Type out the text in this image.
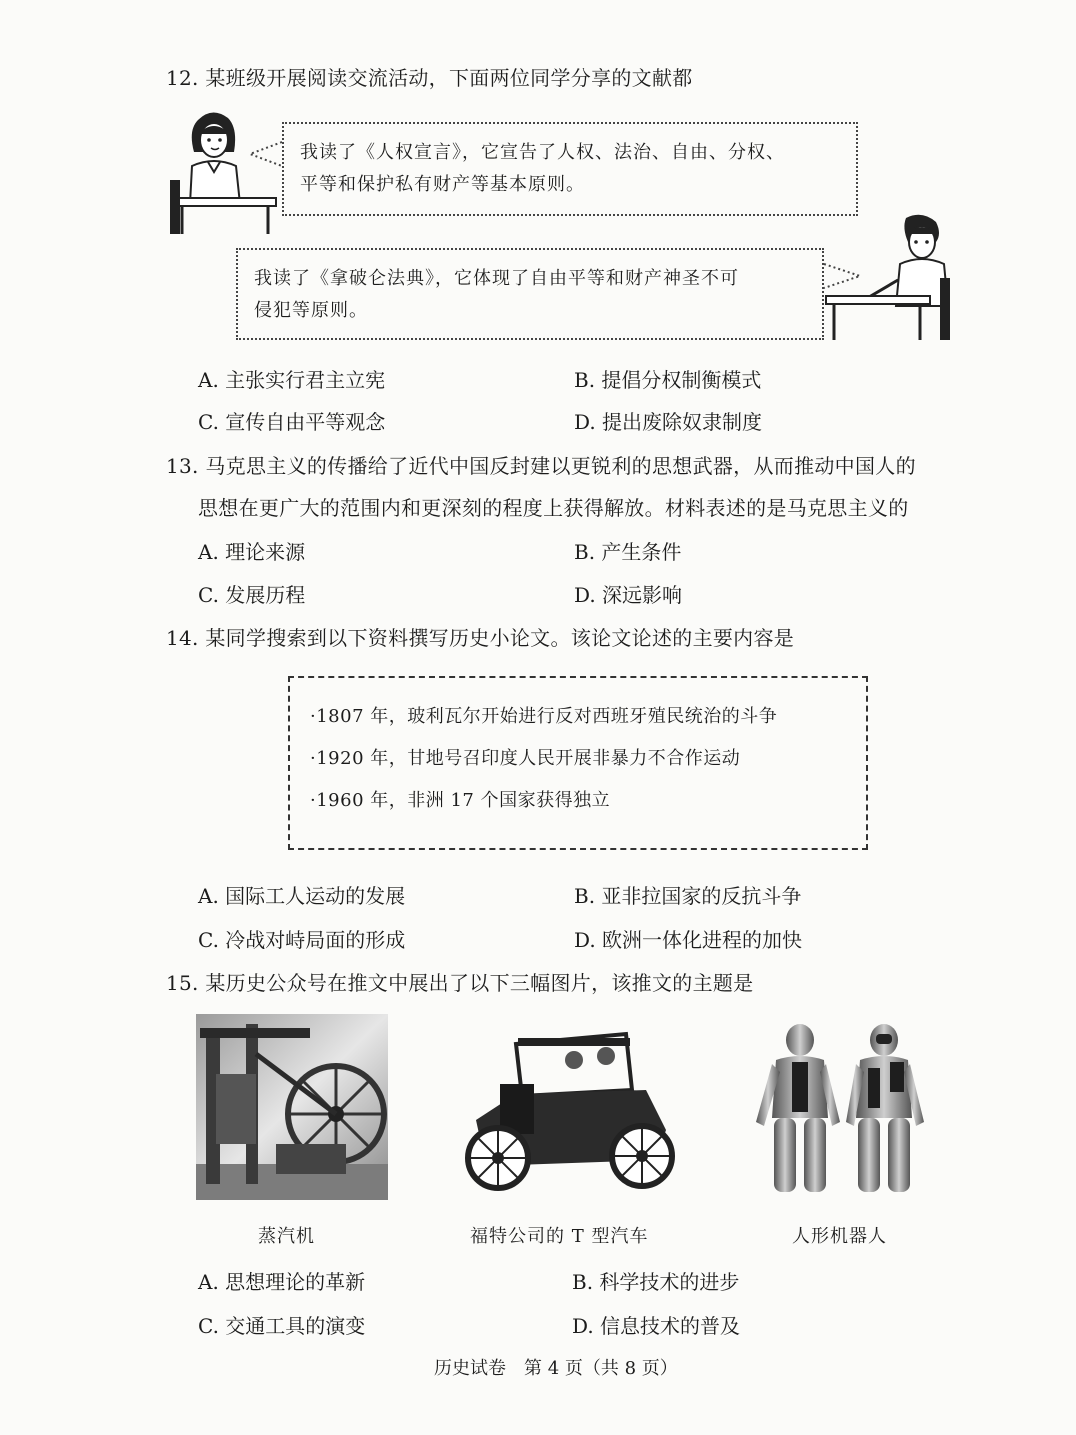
12. 某班级开展阅读交流活动，下面两位同学分享的文献都
我读了《人权宣言》，它宣告了人权、法治、自由、分权、
平等和保护私有财产等基本原则。
我读了《拿破仑法典》，它体现了自由平等和财产神圣不可
侵犯等原则。
A. 主张实行君主立宪	B. 提倡分权制衡模式
C. 宣传自由平等观念	D. 提出废除奴隶制度
13. 马克思主义的传播给了近代中国反封建以更锐利的思想武器，从而推动中国人的
思想在更广大的范围内和更深刻的程度上获得解放。材料表述的是马克思主义的
A. 理论来源	B. 产生条件
C. 发展历程	D. 深远影响
14. 某同学搜索到以下资料撰写历史小论文。该论文论述的主要内容是
·1807 年，玻利瓦尔开始进行反对西班牙殖民统治的斗争
·1920 年，甘地号召印度人民开展非暴力不合作运动
·1960 年，非洲 17 个国家获得独立
A. 国际工人运动的发展	B. 亚非拉国家的反抗斗争
C. 冷战对峙局面的形成	D. 欧洲一体化进程的加快
15. 某历史公众号在推文中展出了以下三幅图片，该推文的主题是
蒸汽机	福特公司的 T 型汽车	人形机器人
A. 思想理论的革新	B. 科学技术的进步
C. 交通工具的演变	D. 信息技术的普及
历史试卷　第 4 页（共 8 页）
